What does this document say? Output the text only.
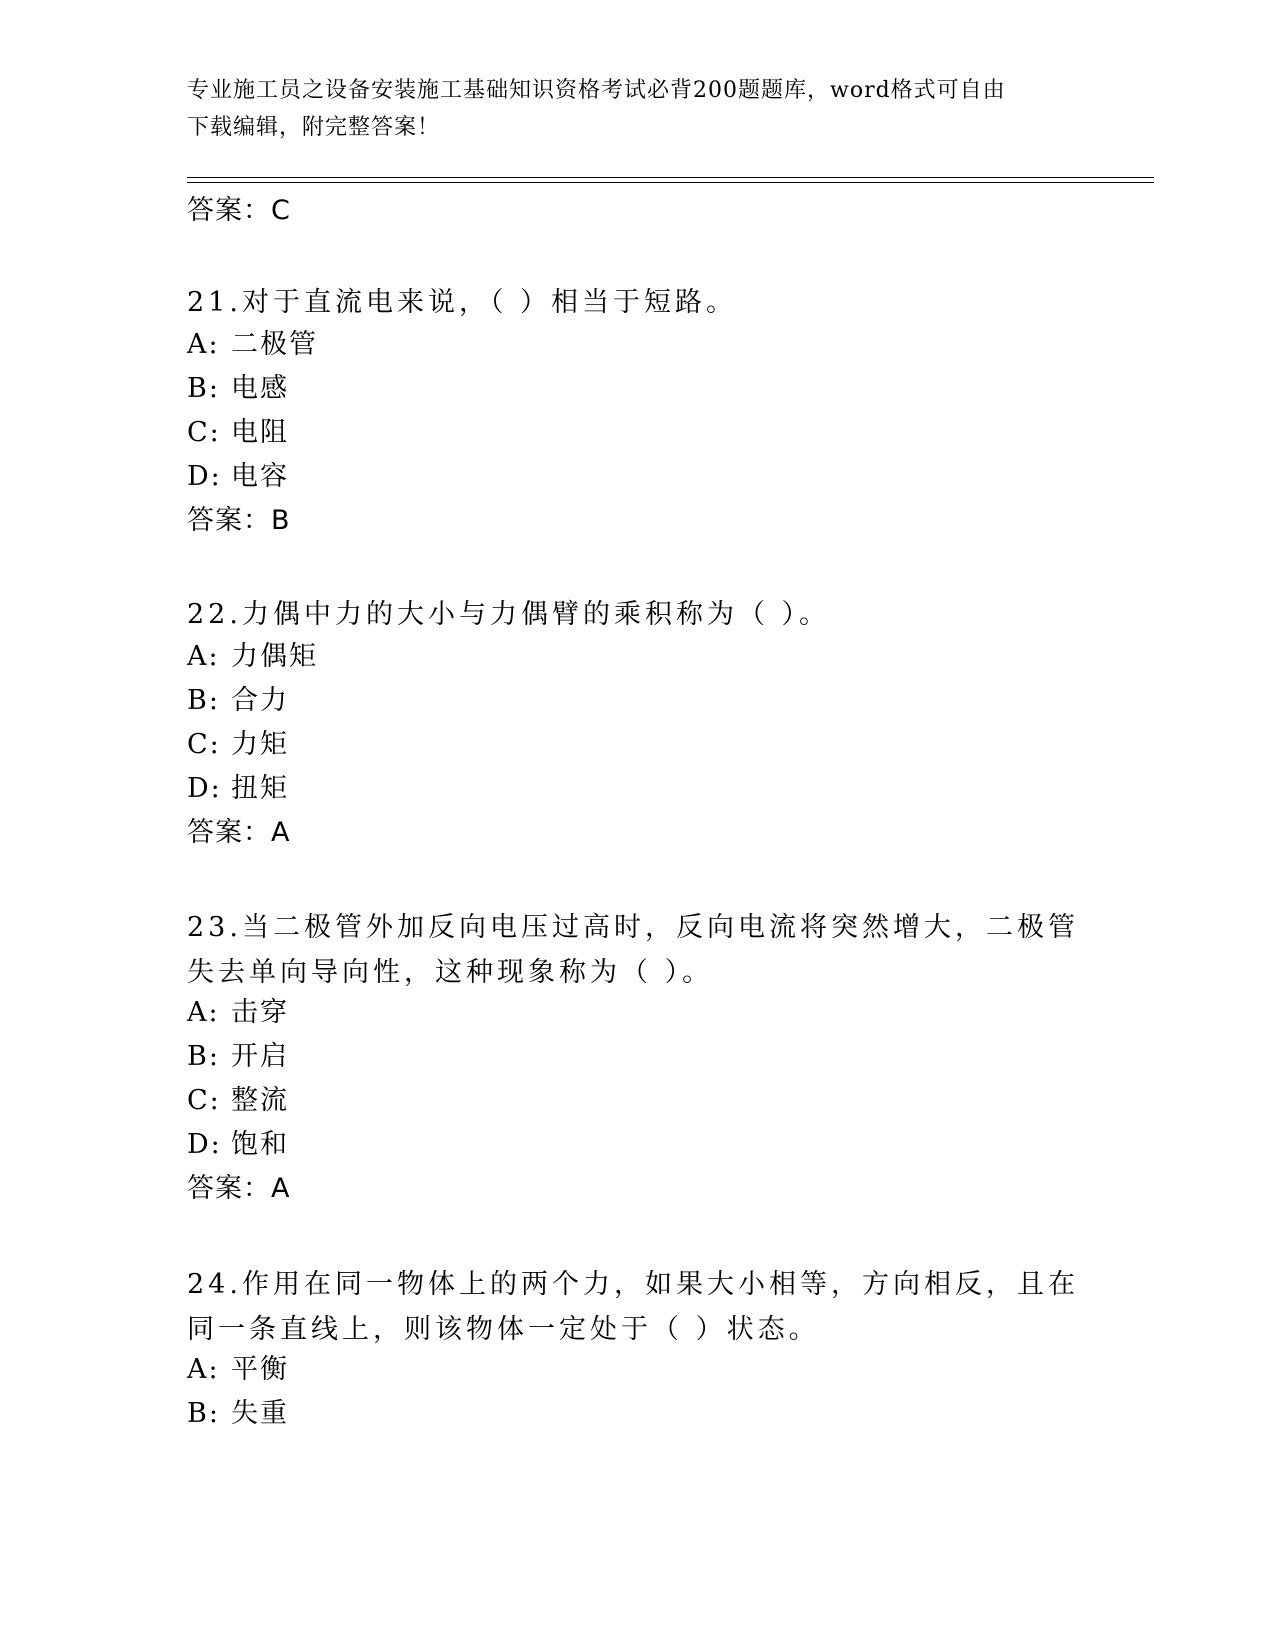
专业施工员之设备安装施工基础知识资格考试必背200题题库，word格式可自由
下载编辑，附完整答案！
答案：C
21.对于直流电来说，（ ）相当于短路。
A: 二极管
B: 电感
C: 电阻
D: 电容
答案：B
22.力偶中力的大小与力偶臂的乘积称为（ ）。
A: 力偶矩
B: 合力
C: 力矩
D: 扭矩
答案：A
23.当二极管外加反向电压过高时，反向电流将突然增大，二极管失去单向导向性，这种现象称为（ ）。
A: 击穿
B: 开启
C: 整流
D: 饱和
答案：A
24.作用在同一物体上的两个力，如果大小相等，方向相反，且在同一条直线上，则该物体一定处于（ ）状态。
A: 平衡
B: 失重
